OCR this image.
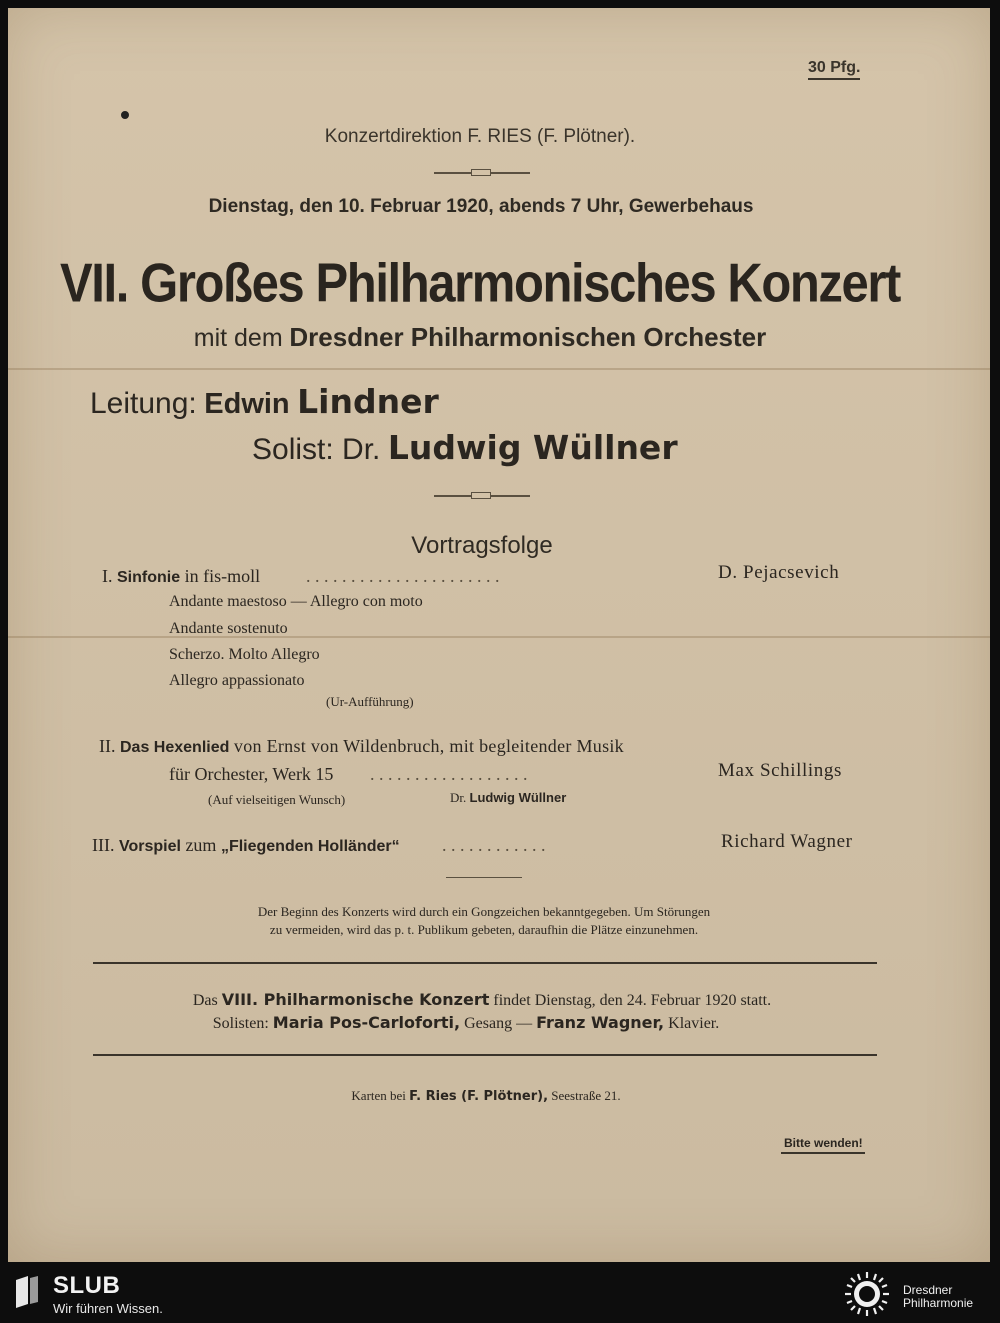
30 Pfg.
Konzertdirektion F. RIES (F. Plötner).
Dienstag, den 10. Februar 1920, abends 7 Uhr, Gewerbehaus
VII. Großes Philharmonisches Konzert
mit dem Dresdner Philharmonischen Orchester
Leitung: Edwin Lindner
Solist: Dr. Ludwig Wüllner
Vortragsfolge
I. Sinfonie in fis-moll	. . . . . . . . . . . . . . . . . . . . . .	D. Pejacsevich
Andante maestoso — Allegro con moto
Andante sostenuto
Scherzo. Molto Allegro
Allegro appassionato
(Ur-Aufführung)
II. Das Hexenlied von Ernst von Wildenbruch, mit begleitender Musik
für Orchester, Werk 15 . . . . . . . . . . . . . . . . . .	Max Schillings
(Auf vielseitigen Wunsch)	Dr. Ludwig Wüllner
III. Vorspiel zum „Fliegenden Holländer“ . . . . . . . . . . . .	Richard Wagner
Der Beginn des Konzerts wird durch ein Gongzeichen bekanntgegeben. Um Störungen
zu vermeiden, wird das p. t. Publikum gebeten, daraufhin die Plätze einzunehmen.
Das VIII. Philharmonische Konzert findet Dienstag, den 24. Februar 1920 statt.
Solisten: Maria Pos-Carloforti, Gesang — Franz Wagner, Klavier.
Karten bei F. Ries (F. Plötner), Seestraße 21.
Bitte wenden!
SLUB
Wir führen Wissen.
Dresdner
Philharmonie
